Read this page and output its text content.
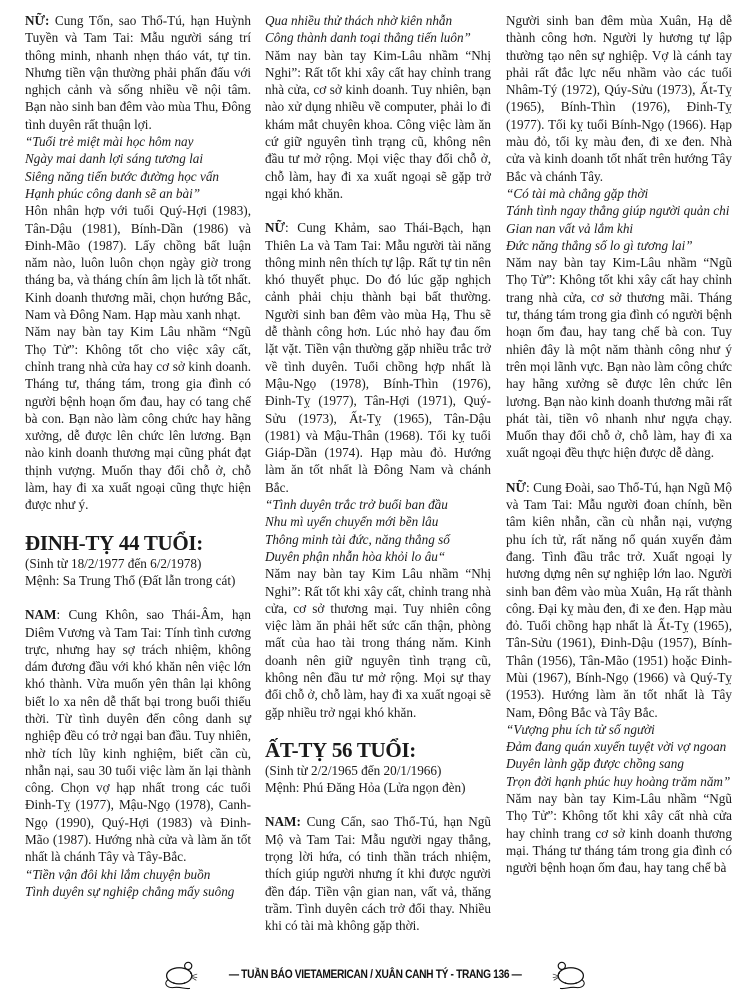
NỮ: Cung Tốn, sao Thổ-Tú, hạn Huỳnh Tuyền và Tam Tai: Mẫu người sáng trí thông minh, nhanh nhẹn tháo vát, tự tin. Nhưng tiền vận thường phải phấn đấu với nghịch cảnh và sống nhiều về nội tâm. Bạn nào sinh ban đêm vào mùa Thu, Đông tình duyên rất thuận lợi.

“Tuổi trẻ miệt mài học hôm nay
Ngày mai danh lợi sáng tương lai
Siêng năng tiến bước đường học vấn
Hạnh phúc công danh sẽ an bài”

Hôn nhân hợp với tuổi Quý-Hợi (1983), Tân-Dậu (1981), Bính-Dần (1986) và Đinh-Mão (1987). Lấy chồng bất luận năm nào, luôn luôn chọn ngày giờ trong tháng ba, và tháng chín âm lịch là tốt nhất. Kinh doanh thương mãi, chọn hướng Bắc, Nam và Đông Nam. Hạp màu xanh nhạt.

Năm nay bàn tay Kim Lâu nhầm “Ngũ Thọ Tử”: Không tốt cho việc xây cất, chỉnh trang nhà cửa hay cơ sở kinh doanh. Tháng tư, tháng tám, trong gia đình có người bệnh hoạn ốm đau, hay có tang chế bà con. Bạn nào làm công chức hay hãng xưởng, dễ được lên chức lên lương. Bạn nào kinh doanh thương mại cũng phát đạt thịnh vượng. Muốn thay đổi chỗ ở, chỗ làm, hay đi xa xuất ngoại cũng thực hiện được như ý.

ĐINH-TỴ 44 TUỔI:

(Sinh từ 18/2/1977 đến 6/2/1978)

Mệnh: Sa Trung Thổ (Đất lẫn trong cát)

NAM: Cung Khôn, sao Thái-Âm, hạn Diêm Vương và Tam Tai: Tính tình cương trực, nhưng hay sợ trách nhiệm, không dám đương đầu với khó khăn nên việc lớn khó thành. Vừa muốn yên thân lại không biết lo xa nên dễ thất bại trong buổi thiếu thời. Từ tình duyên đến công danh sự nghiệp đều có trở ngại ban đầu. Tuy nhiên, nhờ tích lũy kinh nghiệm, biết cần cù, nhẫn nại, sau 30 tuổi việc làm ăn lại thành công. Chọn vợ hạp nhất trong các tuổi Đinh-Tỵ (1977), Mậu-Ngọ (1978), Canh-Ngọ (1990), Quý-Hợi (1983) và Đinh-Mão (1987). Hướng nhà cửa và làm ăn tốt nhất là chánh Tây và Tây-Bắc.

“Tiền vận đôi khi lắm chuyện buồn
Tình duyên sự nghiệp chẳng mấy suông
Qua nhiều thử thách nhờ kiên nhẫn
Công thành danh toại thẳng tiến luôn”

Năm nay bàn tay Kim-Lâu nhầm “Nhị Nghi”: Rất tốt khi xây cất hay chỉnh trang nhà cửa, cơ sở kinh doanh. Tuy nhiên, bạn nào xử dụng nhiều về computer, phải lo đi khám mắt chuyên khoa. Công việc làm ăn cứ giữ nguyên tình trạng cũ, không nên đầu tư mở rộng. Mọi việc thay đổi chỗ ở, chỗ làm, hay đi xa xuất ngoại sẽ gặp trở ngại khó khăn.

NỮ: Cung Khảm, sao Thái-Bạch, hạn Thiên La và Tam Tai: Mẫu người tài năng thông minh nên thích tự lập. Rất tự tin nên khó thuyết phục. Do đó lúc gặp nghịch cảnh phải chịu thành bại bất thường. Người sinh ban đêm vào mùa Hạ, Thu sẽ dễ thành công hơn. Lúc nhỏ hay đau ốm lặt vặt. Tiền vận thường gặp nhiều trắc trở về tình duyên. Tuổi chồng hợp nhất là Mậu-Ngọ (1978), Bính-Thìn (1976), Đinh-Tỵ (1977), Tân-Hợi (1971), Quý-Sửu (1973), Ất-Tỵ (1965), Tân-Dậu (1981) và Mậu-Thân (1968). Tối kỵ tuổi Giáp-Dần (1974). Hạp màu đỏ. Hướng làm ăn tốt nhất là Đông Nam và chánh Bắc.

“Tình duyên trắc trở buổi ban đầu
Nhu mì uyển chuyển mới bền lâu
Thông minh tài đức, năng thẳng số
Duyên phận nhẫn hòa khỏi lo âu“

Năm nay bàn tay Kim Lâu nhầm “Nhị Nghi”: Rất tốt khi xây cất, chỉnh trang nhà cửa, cơ sở thương mại. Tuy nhiên công việc làm ăn phải hết sức cẩn thận, phòng mất của hao tài trong tháng năm. Kinh doanh nên giữ nguyên tình trạng cũ, không nên đầu tư mở rộng. Mọi sự thay đổi chỗ ở, chỗ làm, hay đi xa xuất ngoại sẽ gặp nhiều trở ngại khó khăn.

ẤT-TỴ 56 TUỔI:

(Sinh từ 2/2/1965 đến 20/1/1966)

Mệnh: Phú Đăng Hỏa (Lửa ngọn đèn)

NAM: Cung Cấn, sao Thổ-Tú, hạn Ngũ Mộ và Tam Tai: Mẫu người ngay thẳng, trọng lời hứa, có tinh thần trách nhiệm, thích giúp người nhưng ít khi được người đền đáp. Tiền vận gian nan, vất vả, thăng trầm. Tình duyên cách trở đổi thay. Nhiều khi có tài mà không gặp thời.

Người sinh ban đêm mùa Xuân, Hạ dễ thành công hơn. Người ly hương tự lập thường tạo nên sự nghiệp. Vợ là cánh tay phải rất đắc lực nếu nhầm vào các tuổi Nhâm-Tý (1972), Qúy-Sửu (1973), Ất-Tỵ (1965), Bính-Thìn (1976), Đinh-Tỵ (1977). Tối kỵ tuổi Bính-Ngọ (1966). Hạp màu đỏ, tối kỵ màu đen, đi xe đen. Nhà cửa và kinh doanh tốt nhất trên hướng Tây Bắc và chánh Tây.

“Có tài mà chẳng gặp thời
Tánh tình ngay thẳng giúp người quản chi
Gian nan vất vả lắm khi
Đức năng thẳng số lo gì tương lai”

Năm nay bàn tay Kim-Lâu nhầm “Ngũ Thọ Tử”: Không tốt khi xây cất hay chỉnh trang nhà cửa, cơ sở thương mãi. Tháng tư, tháng tám trong gia đình có người bệnh hoạn ốm đau, hay tang chế bà con. Tuy nhiên đây là một năm thành công như ý trên mọi lãnh vực. Bạn nào làm công chức hay hãng xưởng sẽ được lên chức lên lương. Bạn nào kinh doanh thương mãi rất phát tài, tiền vô nhanh như ngựa chạy. Muốn thay đổi chỗ ở, chỗ làm, hay đi xa xuất ngoại đều thực hiện được dễ dàng.

NỮ: Cung Đoài, sao Thổ-Tú, hạn Ngũ Mộ và Tam Tai: Mẫu người đoan chính, bền tâm kiên nhẫn, cần cù nhẫn nại, vượng phu ích tử, rất năng nổ quán xuyến đảm đang. Tình đầu trắc trở. Xuất ngoại ly hương dựng nên sự nghiệp lớn lao. Người sinh ban đêm vào mùa Xuân, Hạ rất thành công. Đại kỵ màu đen, đi xe đen. Hạp màu đỏ. Tuổi chồng hạp nhất là Ất-Tỵ (1965), Tân-Sửu (1961), Đinh-Dậu (1957), Bính-Thân (1956), Tân-Mão (1951) hoặc Đinh-Mùi (1967), Bính-Ngọ (1966) và Quý-Tỵ (1953). Hướng làm ăn tốt nhất là Tây Nam, Đông Bắc và Tây Bắc.

“Vượng phu ích tử số người
Đảm đang quán xuyến tuyệt vời vợ ngoan
Duyên lành gặp được chồng sang
Trọn đời hạnh phúc huy hoàng trăm năm”

Năm nay bàn tay Kim-Lâu nhầm “Ngũ Thọ Tử”: Không tốt khi xây cất nhà cửa hay chỉnh trang cơ sở kinh doanh thương mại. Tháng tư tháng tám trong gia đình có người bệnh hoạn ốm đau, hay tang chế bà

— TUẦN BÁO VIETAMERICAN / XUÂN CANH TÝ - TRANG 136 —
